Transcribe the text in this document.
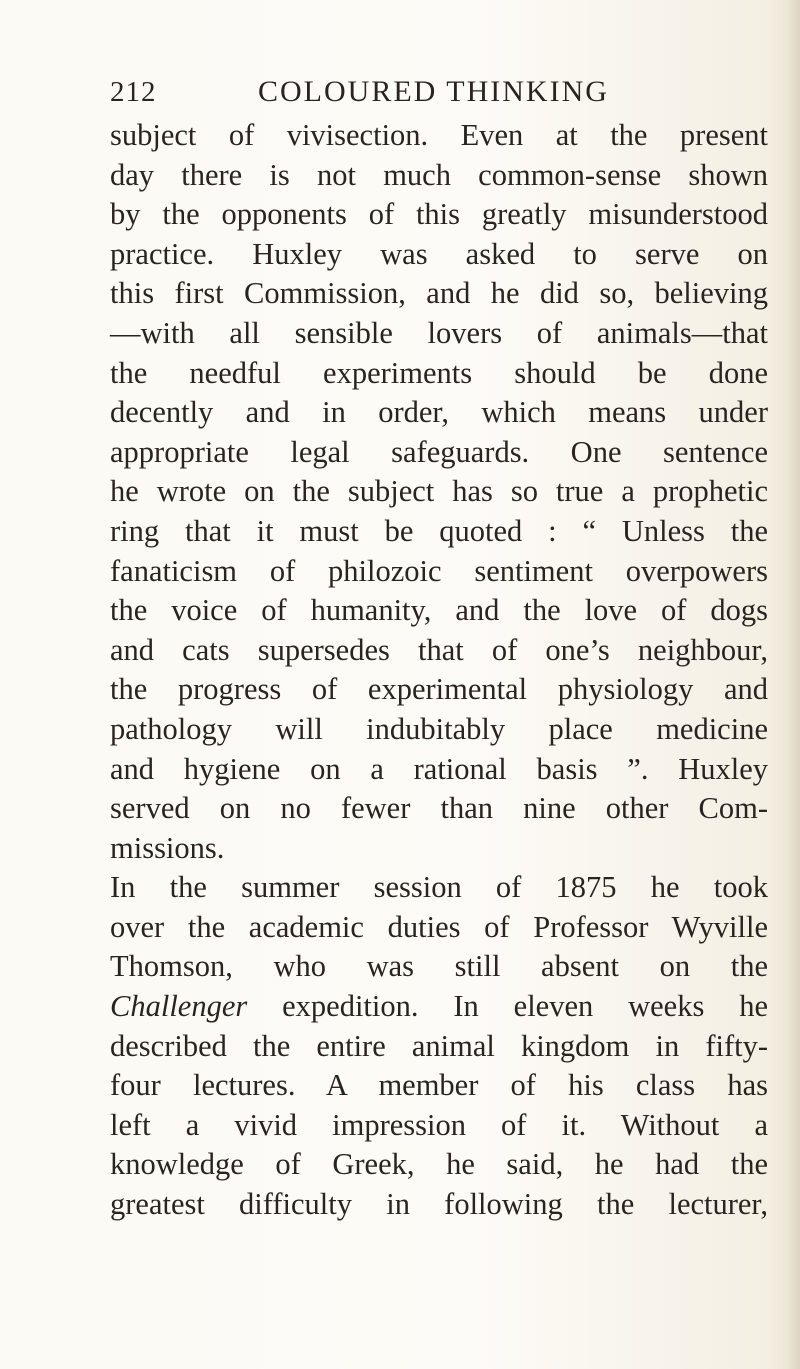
212	COLOURED THINKING
subject of vivisection. Even at the present
day there is not much common-sense shown
by the opponents of this greatly misunderstood
practice. Huxley was asked to serve on
this first Commission, and he did so, believing
—with all sensible lovers of animals—that
the needful experiments should be done
decently and in order, which means under
appropriate legal safeguards. One sentence
he wrote on the subject has so true a prophetic
ring that it must be quoted : “ Unless the
fanaticism of philozoic sentiment overpowers
the voice of humanity, and the love of dogs
and cats supersedes that of one’s neighbour,
the progress of experimental physiology and
pathology will indubitably place medicine
and hygiene on a rational basis ”. Huxley
served on no fewer than nine other Com-
missions.
In the summer session of 1875 he took
over the academic duties of Professor Wyville
Thomson, who was still absent on the
Challenger expedition. In eleven weeks he
described the entire animal kingdom in fifty-
four lectures. A member of his class has
left a vivid impression of it. Without a
knowledge of Greek, he said, he had the
greatest difficulty in following the lecturer,
